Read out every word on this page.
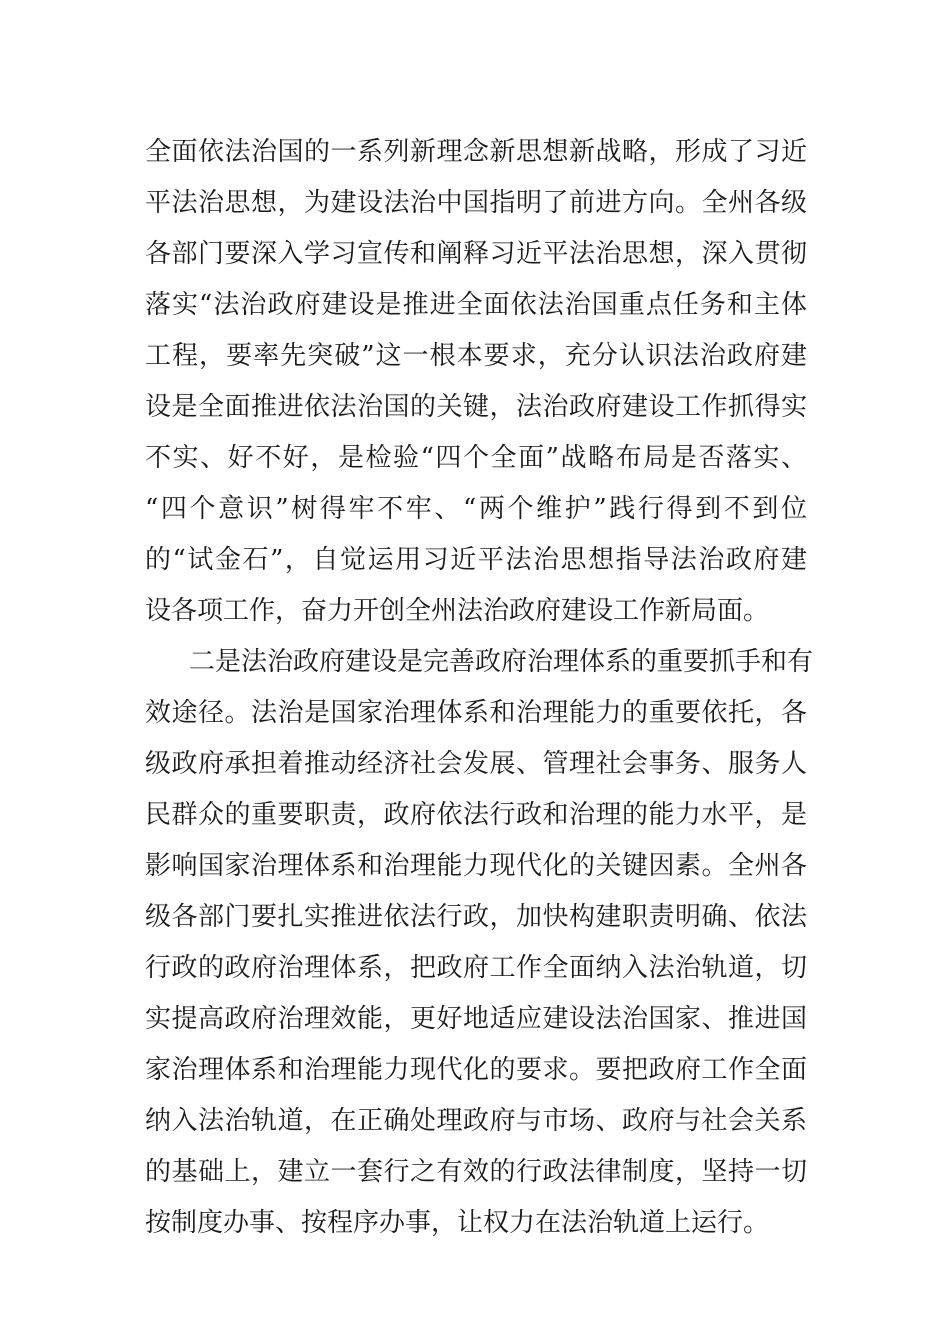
全面依法治国的一系列新理念新思想新战略，形成了习近
平法治思想，为建设法治中国指明了前进方向。全州各级
各部门要深入学习宣传和阐释习近平法治思想，深入贯彻
落实“法治政府建设是推进全面依法治国重点任务和主体
工程，要率先突破”这一根本要求，充分认识法治政府建
设是全面推进依法治国的关键，法治政府建设工作抓得实
不实、好不好，是检验“四个全面”战略布局是否落实、
“四个意识”树得牢不牢、“两个维护”践行得到不到位
的“试金石”，自觉运用习近平法治思想指导法治政府建
设各项工作，奋力开创全州法治政府建设工作新局面。
二是法治政府建设是完善政府治理体系的重要抓手和有
效途径。法治是国家治理体系和治理能力的重要依托，各
级政府承担着推动经济社会发展、管理社会事务、服务人
民群众的重要职责，政府依法行政和治理的能力水平，是
影响国家治理体系和治理能力现代化的关键因素。全州各
级各部门要扎实推进依法行政，加快构建职责明确、依法
行政的政府治理体系，把政府工作全面纳入法治轨道，切
实提高政府治理效能，更好地适应建设法治国家、推进国
家治理体系和治理能力现代化的要求。要把政府工作全面
纳入法治轨道，在正确处理政府与市场、政府与社会关系
的基础上，建立一套行之有效的行政法律制度，坚持一切
按制度办事、按程序办事，让权力在法治轨道上运行。
